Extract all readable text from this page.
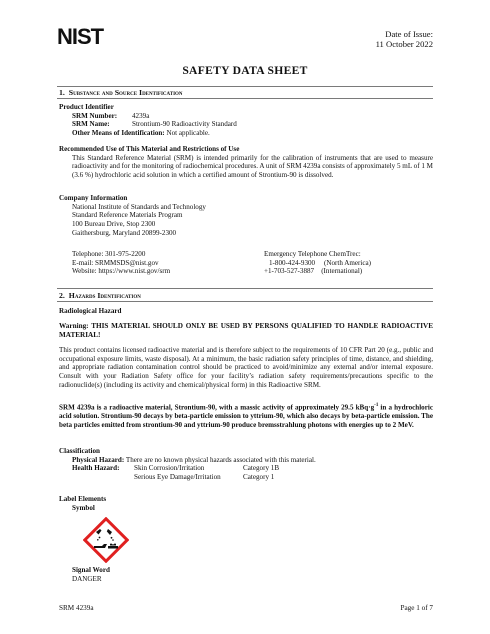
NIST	Date of Issue:
11 October 2022
SAFETY DATA SHEET
1. Substance and Source Identification
Product Identifier
SRM Number: 4239a
SRM Name:	Strontium-90 Radioactivity Standard
Other Means of Identification: Not applicable.
Recommended Use of This Material and Restrictions of Use
This Standard Reference Material (SRM) is intended primarily for the calibration of instruments that are used to measure radioactivity and for the monitoring of radiochemical procedures. A unit of SRM 4239a consists of approximately 5 mL of 1 M (3.6 %) hydrochloric acid solution in which a certified amount of Strontium-90 is dissolved.
Company Information
National Institute of Standards and Technology
Standard Reference Materials Program
100 Bureau Drive, Stop 2300
Gaithersburg, Maryland 20899-2300
Telephone: 301-975-2200
E-mail: SRMMSDS@nist.gov
Website: https://www.nist.gov/srm
Emergency Telephone ChemTrec:
1-800-424-9300     (North America)
+1-703-527-3887    (International)
2. Hazards Identification
Radiological Hazard
Warning: THIS MATERIAL SHOULD ONLY BE USED BY PERSONS QUALIFIED TO HANDLE RADIOACTIVE MATERIAL!
This product contains licensed radioactive material and is therefore subject to the requirements of 10 CFR Part 20 (e.g., public and occupational exposure limits, waste disposal). At a minimum, the basic radiation safety principles of time, distance, and shielding, and appropriate radiation contamination control should be practiced to avoid/minimize any external and/or internal exposure. Consult with your Radiation Safety office for your facility’s radiation safety requirements/precautions specific to the radionuclide(s) (including its activity and chemical/physical form) in this Radioactive SRM.
SRM 4239a is a radioactive material, Strontium-90, with a massic activity of approximately 29.5 $kBq\cdot g^{-1}$ in a hydrochloric acid solution. Strontium-90 decays by beta-particle emission to yttrium-90, which also decays by beta-particle emission. The beta particles emitted from strontium-90 and yttrium-90 produce bremsstrahlung photons with energies up to 2 MeV.
Classification
Physical Hazard: There are no known physical hazards associated with this material.
Health Hazard: Skin Corrosion/Irritation	Category 1B
Serious Eye Damage/Irritation	Category 1
Label Elements
Symbol
Signal Word
DANGER
SRM 4239a	Page 1 of 7
